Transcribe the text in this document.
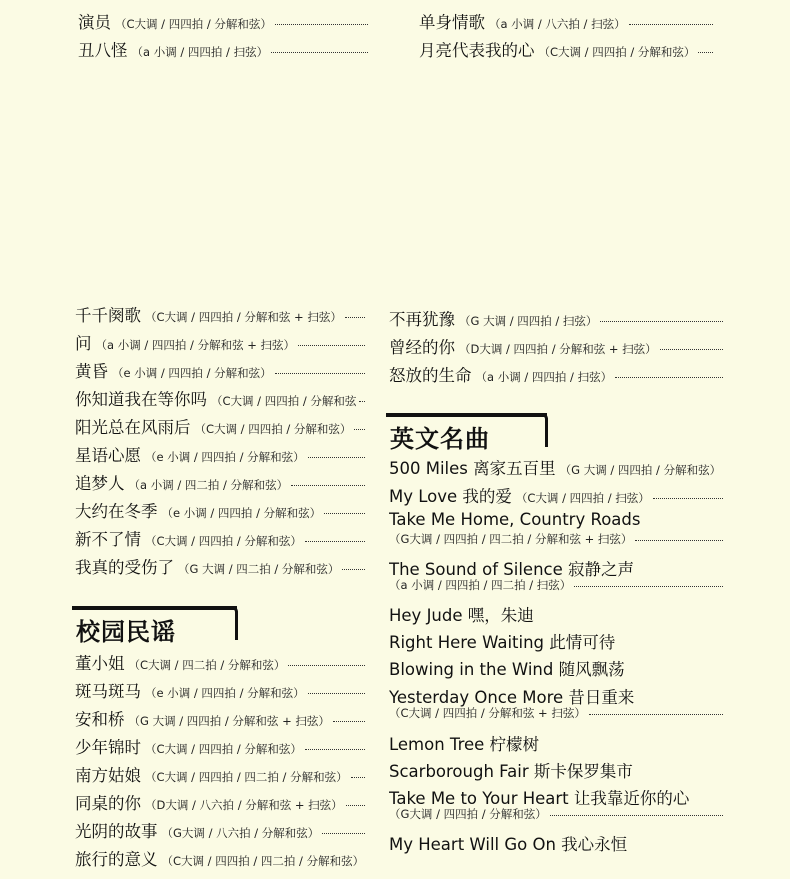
演员 （C大调 / 四四拍 / 分解和弦）
丑八怪 （a 小调 / 四四拍 / 扫弦）
单身情歌 （a 小调 / 八六拍 / 扫弦）
月亮代表我的心 （C大调 / 四四拍 / 分解和弦）
千千阕歌 （C大调 / 四四拍 / 分解和弦 + 扫弦）
问 （a 小调 / 四四拍 / 分解和弦 + 扫弦）
黄昏 （e 小调 / 四四拍 / 分解和弦）
你知道我在等你吗 （C大调 / 四四拍 / 分解和弦
阳光总在风雨后 （C大调 / 四四拍 / 分解和弦）
星语心愿 （e 小调 / 四四拍 / 分解和弦）
追梦人 （a 小调 / 四二拍 / 分解和弦）
大约在冬季 （e 小调 / 四四拍 / 分解和弦）
新不了情 （C大调 / 四四拍 / 分解和弦）
我真的受伤了 （G 大调 / 四二拍 / 分解和弦）
校园民谣
董小姐 （C大调 / 四二拍 / 分解和弦）
斑马斑马 （e 小调 / 四四拍 / 分解和弦）
安和桥 （G 大调 / 四四拍 / 分解和弦 + 扫弦）
少年锦时 （C大调 / 四四拍 / 分解和弦）
南方姑娘 （C大调 / 四四拍 / 四二拍 / 分解和弦）
同桌的你 （D大调 / 八六拍 / 分解和弦 + 扫弦）
光阴的故事 （G大调 / 八六拍 / 分解和弦）
旅行的意义 （C大调 / 四四拍 / 四二拍 / 分解和弦）
不再犹豫 （G 大调 / 四四拍 / 扫弦）
曾经的你 （D大调 / 四四拍 / 分解和弦 + 扫弦）
怒放的生命 （a 小调 / 四四拍 / 扫弦）
英文名曲
500 Miles 离家五百里 （G 大调 / 四四拍 / 分解和弦）
My Love 我的爱 （C大调 / 四四拍 / 扫弦）
Take Me Home, Country Roads
（G大调 / 四四拍 / 四二拍 / 分解和弦 + 扫弦）
The Sound of Silence 寂静之声
（a 小调 / 四四拍 / 四二拍 / 扫弦）
Hey Jude 嘿，朱迪
Right Here Waiting 此情可待
Blowing in the Wind 随风飘荡
Yesterday Once More 昔日重来
（C大调 / 四四拍 / 分解和弦 + 扫弦）
Lemon Tree 柠檬树
Scarborough Fair 斯卡保罗集市
Take Me to Your Heart 让我靠近你的心
（G大调 / 四四拍 / 分解和弦）
My Heart Will Go On 我心永恒
